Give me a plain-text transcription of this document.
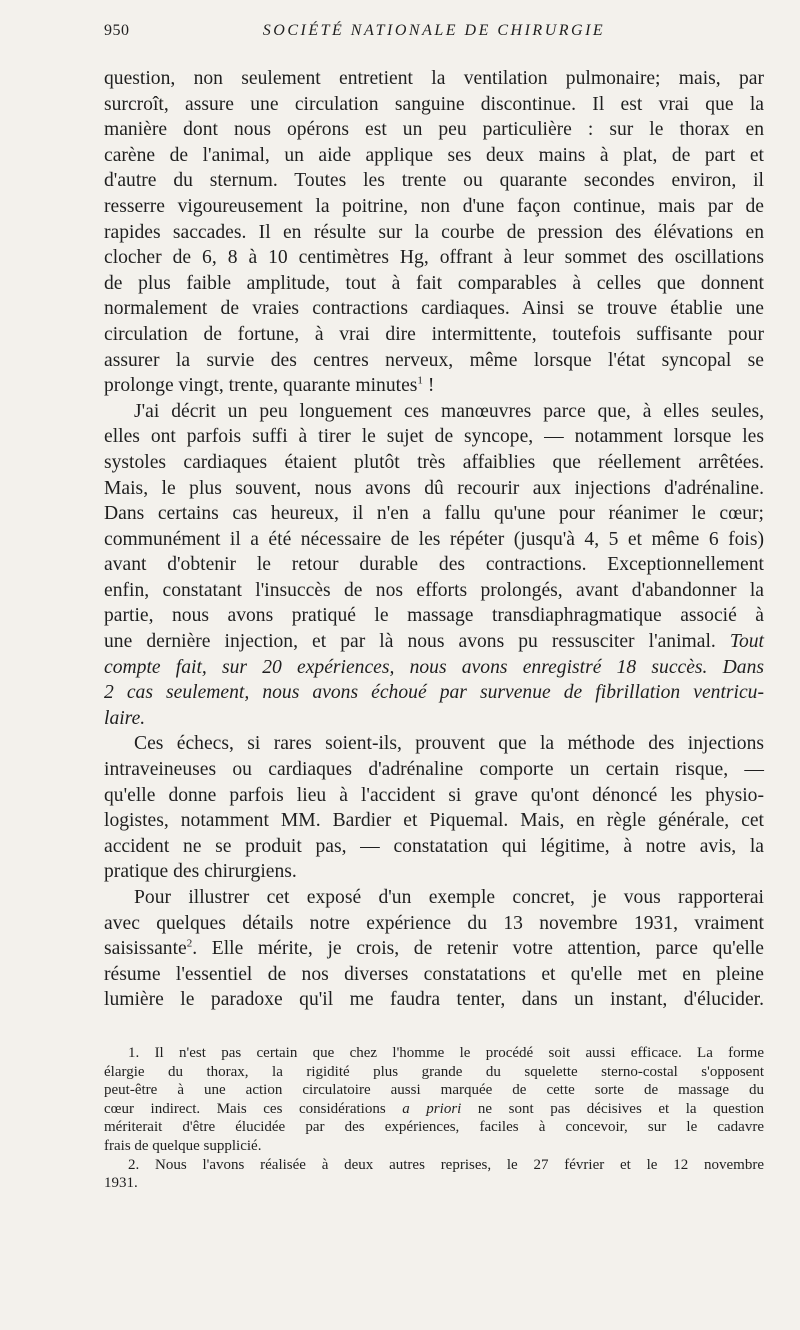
950	SOCIÉTÉ NATIONALE DE CHIRURGIE
question, non seulement entretient la ventilation pulmonaire; mais, par
surcroît, assure une circulation sanguine discontinue. Il est vrai que la
manière dont nous opérons est un peu particulière : sur le thorax en
carène de l'animal, un aide applique ses deux mains à plat, de part et
d'autre du sternum. Toutes les trente ou quarante secondes environ, il
resserre vigoureusement la poitrine, non d'une façon continue, mais par de
rapides saccades. Il en résulte sur la courbe de pression des élévations en
clocher de 6, 8 à 10 centimètres Hg, offrant à leur sommet des oscillations
de plus faible amplitude, tout à fait comparables à celles que donnent
normalement de vraies contractions cardiaques. Ainsi se trouve établie une
circulation de fortune, à vrai dire intermittente, toutefois suffisante pour
assurer la survie des centres nerveux, même lorsque l'état syncopal se
prolonge vingt, trente, quarante minutes$^1$ !
J'ai décrit un peu longuement ces manœuvres parce que, à elles seules,
elles ont parfois suffi à tirer le sujet de syncope, — notamment lorsque les
systoles cardiaques étaient plutôt très affaiblies que réellement arrêtées.
Mais, le plus souvent, nous avons dû recourir aux injections d'adrénaline.
Dans certains cas heureux, il n'en a fallu qu'une pour réanimer le cœur;
communément il a été nécessaire de les répéter (jusqu'à 4, 5 et même 6 fois)
avant d'obtenir le retour durable des contractions. Exceptionnellement
enfin, constatant l'insuccès de nos efforts prolongés, avant d'abandonner la
partie, nous avons pratiqué le massage transdiaphragmatique associé à
une dernière injection, et par là nous avons pu ressusciter l'animal. Tout
compte fait, sur 20 expériences, nous avons enregistré 18 succès. Dans
2 cas seulement, nous avons échoué par survenue de fibrillation ventricu-
laire.
Ces échecs, si rares soient-ils, prouvent que la méthode des injections
intraveineuses ou cardiaques d'adrénaline comporte un certain risque, —
qu'elle donne parfois lieu à l'accident si grave qu'ont dénoncé les physio-
logistes, notamment MM. Bardier et Piquemal. Mais, en règle générale, cet
accident ne se produit pas, — constatation qui légitime, à notre avis, la
pratique des chirurgiens.
Pour illustrer cet exposé d'un exemple concret, je vous rapporterai
avec quelques détails notre expérience du 13 novembre 1931, vraiment
saisissante$^2$. Elle mérite, je crois, de retenir votre attention, parce qu'elle
résume l'essentiel de nos diverses constatations et qu'elle met en pleine
lumière le paradoxe qu'il me faudra tenter, dans un instant, d'élucider.
1. Il n'est pas certain que chez l'homme le procédé soit aussi efficace. La forme
élargie du thorax, la rigidité plus grande du squelette sterno-costal s'opposent
peut-être à une action circulatoire aussi marquée de cette sorte de massage du
cœur indirect. Mais ces considérations a priori ne sont pas décisives et la question
mériterait d'être élucidée par des expériences, faciles à concevoir, sur le cadavre
frais de quelque supplicié.
2. Nous l'avons réalisée à deux autres reprises, le 27 février et le 12 novembre
1931.
